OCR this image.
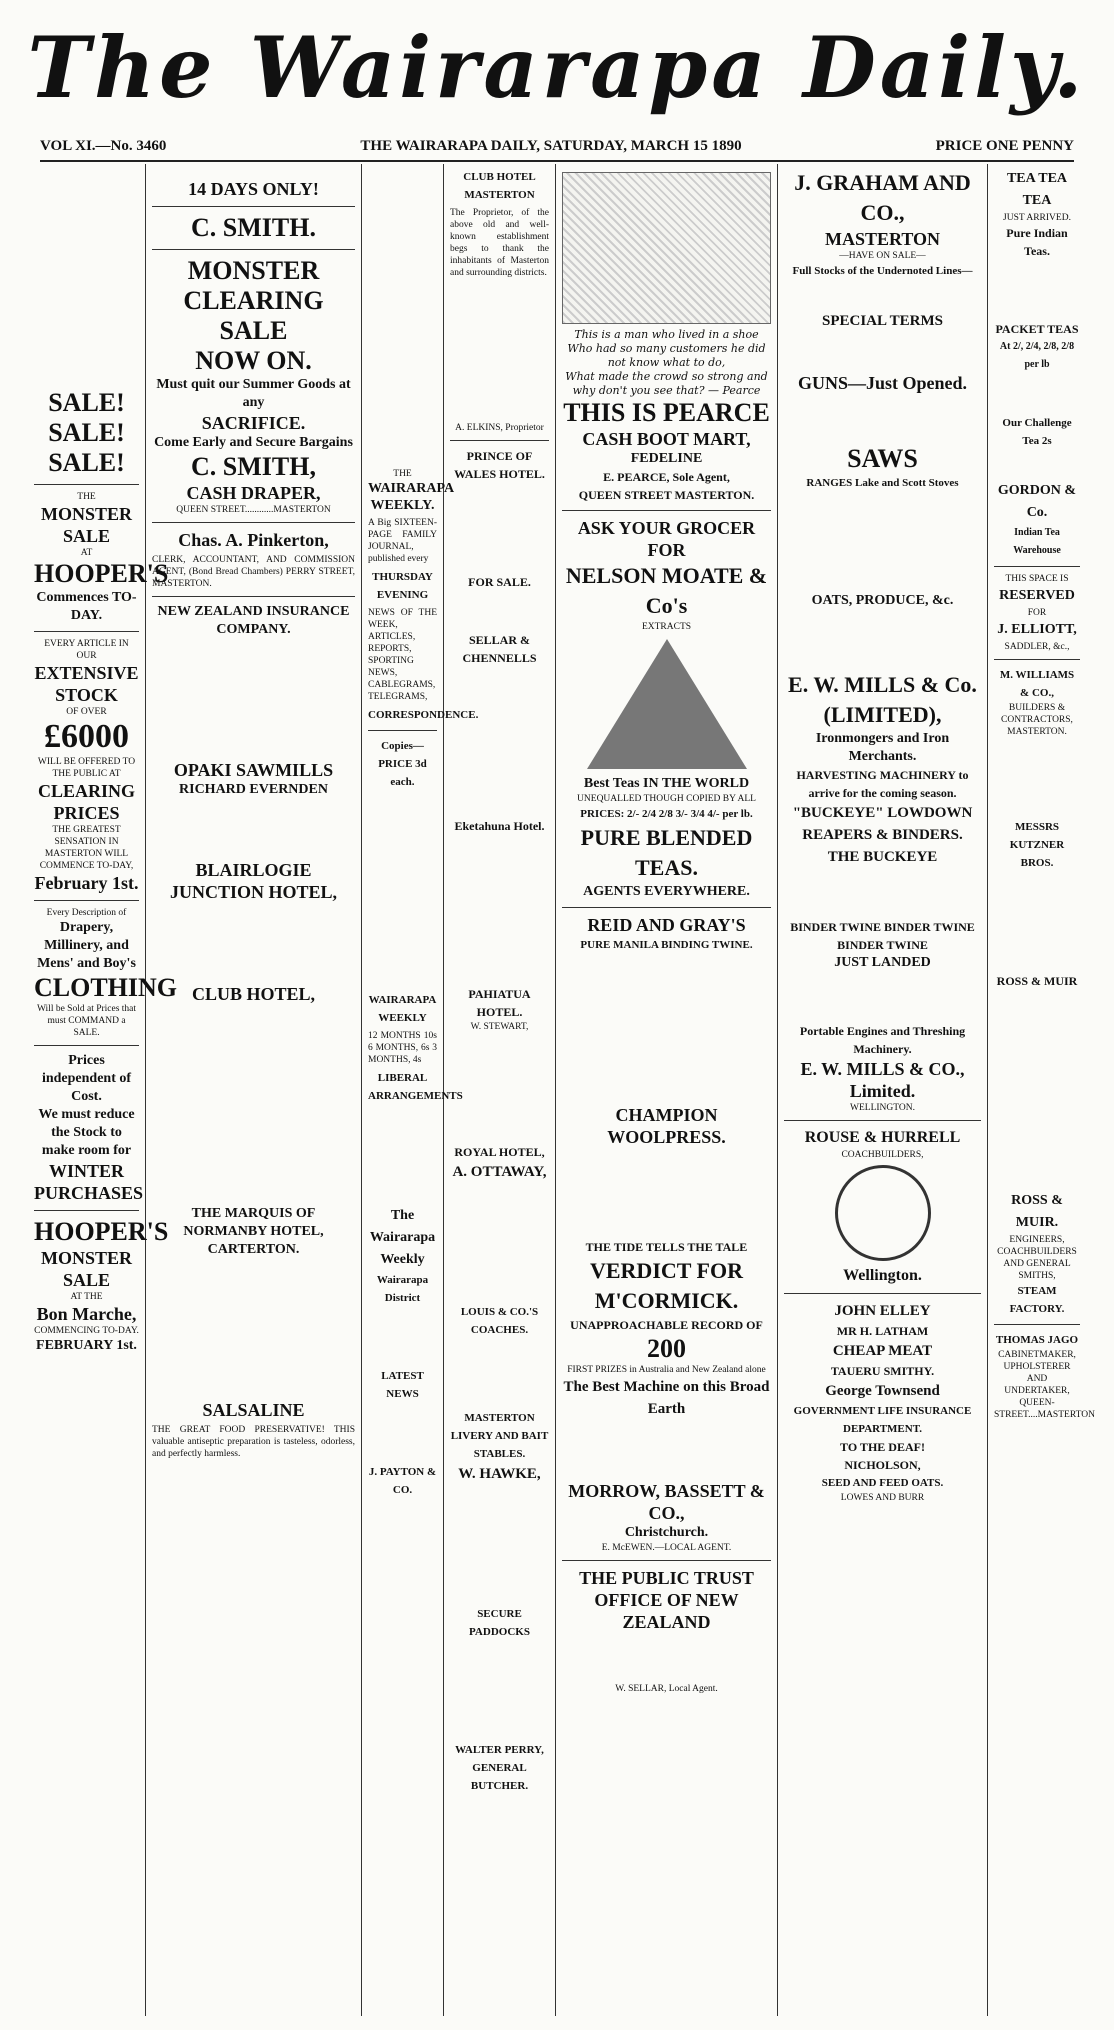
The Wairarapa Daily.
VOL XI.—No. 3460	THE WAIRARAPA DAILY, SATURDAY, MARCH 15 1890	PRICE ONE PENNY
SALE! SALE! SALE!
THE
MONSTER SALE
AT
HOOPER'S
Commences TO-DAY.
EVERY ARTICLE IN OUR
EXTENSIVE STOCK
OF OVER
£6000
WILL BE OFFERED TO THE PUBLIC AT
CLEARING PRICES
THE GREATEST SENSATION IN MASTERTON WILL COMMENCE TO-DAY,
February 1st.
Every Description of
Drapery, Millinery, and Mens' and Boy's
CLOTHING
Will be Sold at Prices that must COMMAND a SALE.
Prices independent of Cost.
We must reduce the Stock to make room for
WINTER PURCHASES
HOOPER'S
MONSTER SALE
AT THE
Bon Marche,
COMMENCING TO-DAY.
FEBRUARY 1st.
14 DAYS ONLY!
C. SMITH.
MONSTER CLEARING SALE
NOW ON.
Must quit our Summer Goods at any
SACRIFICE.
Come Early and Secure Bargains
C. SMITH,
CASH DRAPER,
QUEEN STREET............MASTERTON
Chas. A. Pinkerton,
CLERK, ACCOUNTANT, AND COMMISSION AGENT, (Bond Bread Chambers) PERRY STREET, MASTERTON.
NEW ZEALAND INSURANCE COMPANY.
OPAKI SAWMILLS
RICHARD EVERNDEN
BLAIRLOGIE JUNCTION HOTEL,
CLUB HOTEL,
THE MARQUIS OF NORMANBY HOTEL, CARTERTON.
SALSALINE
THE GREAT FOOD PRESERVATIVE! THIS valuable antiseptic preparation is tasteless, odorless, and perfectly harmless.
THE
WAIRARAPA WEEKLY.
A Big SIXTEEN-PAGE FAMILY JOURNAL, published every
THURSDAY EVENING
NEWS OF THE WEEK, ARTICLES, REPORTS, SPORTING NEWS, CABLEGRAMS, TELEGRAMS,
CORRESPONDENCE.
Copies—PRICE 3d each.
WAIRARAPA WEEKLY
12 MONTHS 10s 6 MONTHS, 6s 3 MONTHS, 4s
LIBERAL ARRANGEMENTS
The Wairarapa Weekly
Wairarapa District
LATEST NEWS
J. PAYTON & CO.
CLUB HOTEL MASTERTON
The Proprietor, of the above old and well-known establishment begs to thank the inhabitants of Masterton and surrounding districts.
A. ELKINS, Proprietor
PRINCE OF WALES HOTEL.
FOR SALE.
SELLAR & CHENNELLS
Eketahuna Hotel.
PAHIATUA HOTEL.
W. STEWART,
ROYAL HOTEL,
A. OTTAWAY,
LOUIS & CO.'S COACHES.
MASTERTON LIVERY AND BAIT STABLES.
W. HAWKE,
SECURE PADDOCKS
WALTER PERRY, GENERAL BUTCHER.
This is a man who lived in a shoe
Who had so many customers he did not know what to do,
What made the crowd so strong and why don't you see that? — Pearce
THIS IS PEARCE
CASH BOOT MART,
FEDELINE
E. PEARCE, Sole Agent,
QUEEN STREET MASTERTON.
ASK YOUR GROCER FOR
NELSON MOATE & Co's
EXTRACTS
Best Teas IN THE WORLD
UNEQUALLED THOUGH COPIED BY ALL
PRICES: 2/- 2/4 2/8 3/- 3/4 4/- per lb.
PURE BLENDED TEAS.
AGENTS EVERYWHERE.
REID AND GRAY'S
PURE MANILA BINDING TWINE.
CHAMPION WOOLPRESS.
THE TIDE TELLS THE TALE
VERDICT FOR M'CORMICK.
UNAPPROACHABLE RECORD OF
200
FIRST PRIZES in Australia and New Zealand alone
The Best Machine on this Broad Earth
MORROW, BASSETT & CO.,
Christchurch.
E. McEWEN.—LOCAL AGENT.
THE PUBLIC TRUST OFFICE OF NEW ZEALAND
W. SELLAR, Local Agent.
J. GRAHAM AND CO.,
MASTERTON
—HAVE ON SALE—
Full Stocks of the Undernoted Lines—
SPECIAL TERMS
GUNS—Just Opened.
SAWS
RANGES Lake and Scott Stoves
OATS, PRODUCE, &c.
E. W. MILLS & Co. (LIMITED),
Ironmongers and Iron Merchants.
HARVESTING MACHINERY to arrive for the coming season.
"BUCKEYE" LOWDOWN REAPERS & BINDERS.
THE BUCKEYE
BINDER TWINE BINDER TWINE BINDER TWINE
JUST LANDED
Portable Engines and Threshing Machinery.
E. W. MILLS & CO., Limited.
WELLINGTON.
ROUSE & HURRELL
COACHBUILDERS,
Wellington.
JOHN ELLEY
MR H. LATHAM
CHEAP MEAT
TAUERU SMITHY.
George Townsend
GOVERNMENT LIFE INSURANCE DEPARTMENT.
TO THE DEAF!
NICHOLSON,
SEED AND FEED OATS.
LOWES AND BURR
TEA TEA TEA
JUST ARRIVED.
Pure Indian Teas.
PACKET TEAS
At 2/, 2/4, 2/8, 2/8 per lb
Our Challenge Tea 2s
GORDON & Co.
Indian Tea Warehouse
THIS SPACE IS
RESERVED
FOR
J. ELLIOTT,
SADDLER, &c.,
M. WILLIAMS & CO.,
BUILDERS & CONTRACTORS,
MASTERTON.
MESSRS KUTZNER BROS.
ROSS & MUIR
ROSS & MUIR.
ENGINEERS, COACHBUILDERS AND GENERAL SMITHS,
STEAM FACTORY.
THOMAS JAGO
CABINETMAKER, UPHOLSTERER AND UNDERTAKER,
QUEEN-STREET....MASTERTON
